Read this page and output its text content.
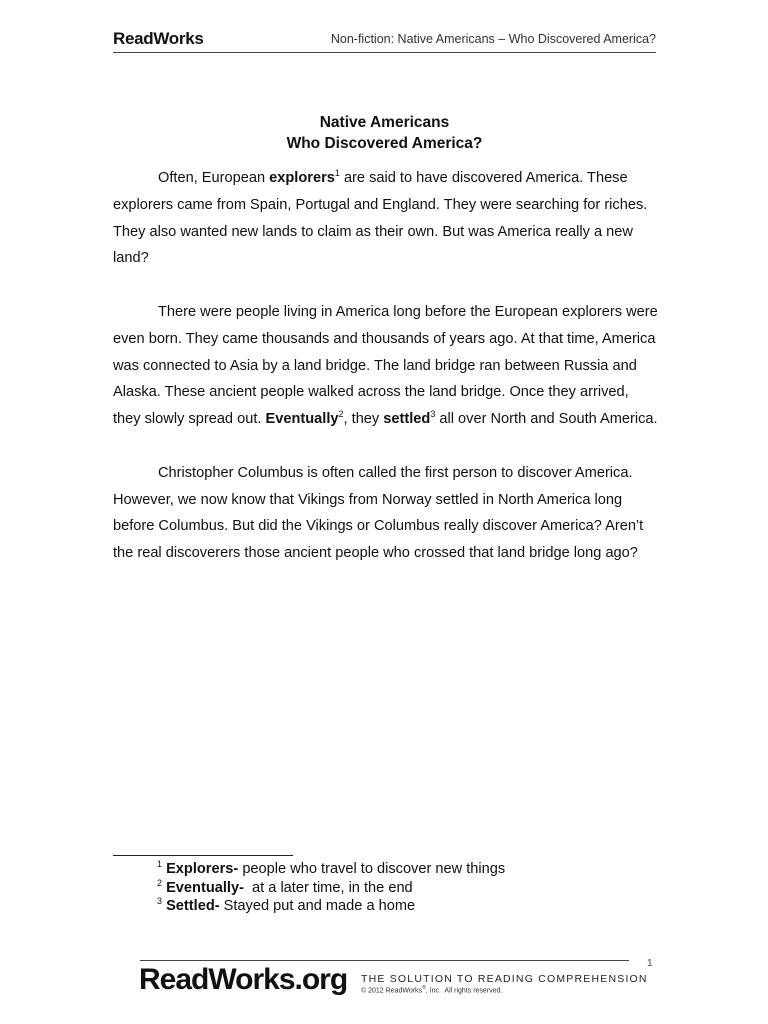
ReadWorks	Non-fiction: Native Americans – Who Discovered America?
Native Americans
Who Discovered America?

Often, European explorers$^1$ are said to have discovered America. These explorers came from Spain, Portugal and England. They were searching for riches. They also wanted new lands to claim as their own. But was America really a new land?

There were people living in America long before the European explorers were even born. They came thousands and thousands of years ago. At that time, America was connected to Asia by a land bridge. The land bridge ran between Russia and Alaska. These ancient people walked across the land bridge. Once they arrived, they slowly spread out. Eventually$^2$, they settled$^3$ all over North and South America.

Christopher Columbus is often called the first person to discover America. However, we now know that Vikings from Norway settled in North America long before Columbus. But did the Vikings or Columbus really discover America? Aren’t the real discoverers those ancient people who crossed that land bridge long ago?

$^1$ Explorers- people who travel to discover new things
$^2$ Eventually-  at a later time, in the end
$^3$ Settled- Stayed put and made a home
1
ReadWorks.org THE SOLUTION TO READING COMPREHENSION
© 2012 ReadWorks®, Inc.  All rights reserved.
